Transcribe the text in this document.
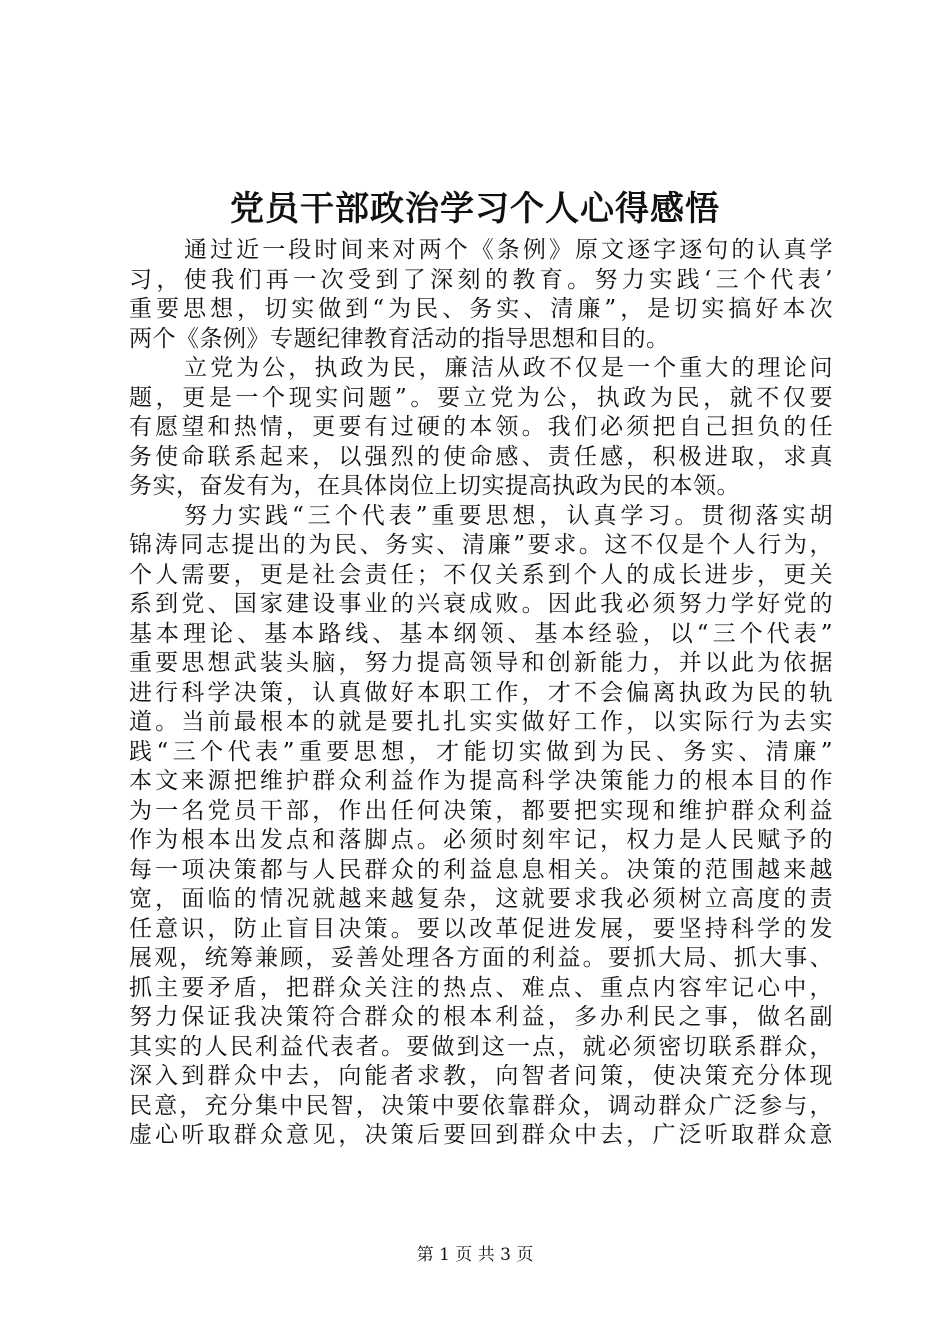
党员干部政治学习个人心得感悟
通过近一段时间来对两个《条例》原文逐字逐句的认真学
习，使我们再一次受到了深刻的教育。努力实践‘三个代表’
重要思想，切实做到“为民、务实、清廉”，是切实搞好本次
两个《条例》专题纪律教育活动的指导思想和目的。
立党为公，执政为民，廉洁从政不仅是一个重大的理论问
题，更是一个现实问题”。要立党为公，执政为民，就不仅要
有愿望和热情，更要有过硬的本领。我们必须把自己担负的任
务使命联系起来，以强烈的使命感、责任感，积极进取，求真
务实，奋发有为，在具体岗位上切实提高执政为民的本领。
努力实践“三个代表”重要思想，认真学习。贯彻落实胡
锦涛同志提出的为民、务实、清廉”要求。这不仅是个人行为，
个人需要，更是社会责任；不仅关系到个人的成长进步，更关
系到党、国家建设事业的兴衰成败。因此我必须努力学好党的
基本理论、基本路线、基本纲领、基本经验，以“三个代表”
重要思想武装头脑，努力提高领导和创新能力，并以此为依据
进行科学决策，认真做好本职工作，才不会偏离执政为民的轨
道。当前最根本的就是要扎扎实实做好工作，以实际行为去实
践“三个代表”重要思想，才能切实做到为民、务实、清廉”
本文来源把维护群众利益作为提高科学决策能力的根本目的作
为一名党员干部，作出任何决策，都要把实现和维护群众利益
作为根本出发点和落脚点。必须时刻牢记，权力是人民赋予的
每一项决策都与人民群众的利益息息相关。决策的范围越来越
宽，面临的情况就越来越复杂，这就要求我必须树立高度的责
任意识，防止盲目决策。要以改革促进发展，要坚持科学的发
展观，统筹兼顾，妥善处理各方面的利益。要抓大局、抓大事、
抓主要矛盾，把群众关注的热点、难点、重点内容牢记心中，
努力保证我决策符合群众的根本利益，多办利民之事，做名副
其实的人民利益代表者。要做到这一点，就必须密切联系群众，
深入到群众中去，向能者求教，向智者问策，使决策充分体现
民意，充分集中民智，决策中要依靠群众，调动群众广泛参与，
虚心听取群众意见，决策后要回到群众中去，广泛听取群众意
第 1 页 共 3 页
